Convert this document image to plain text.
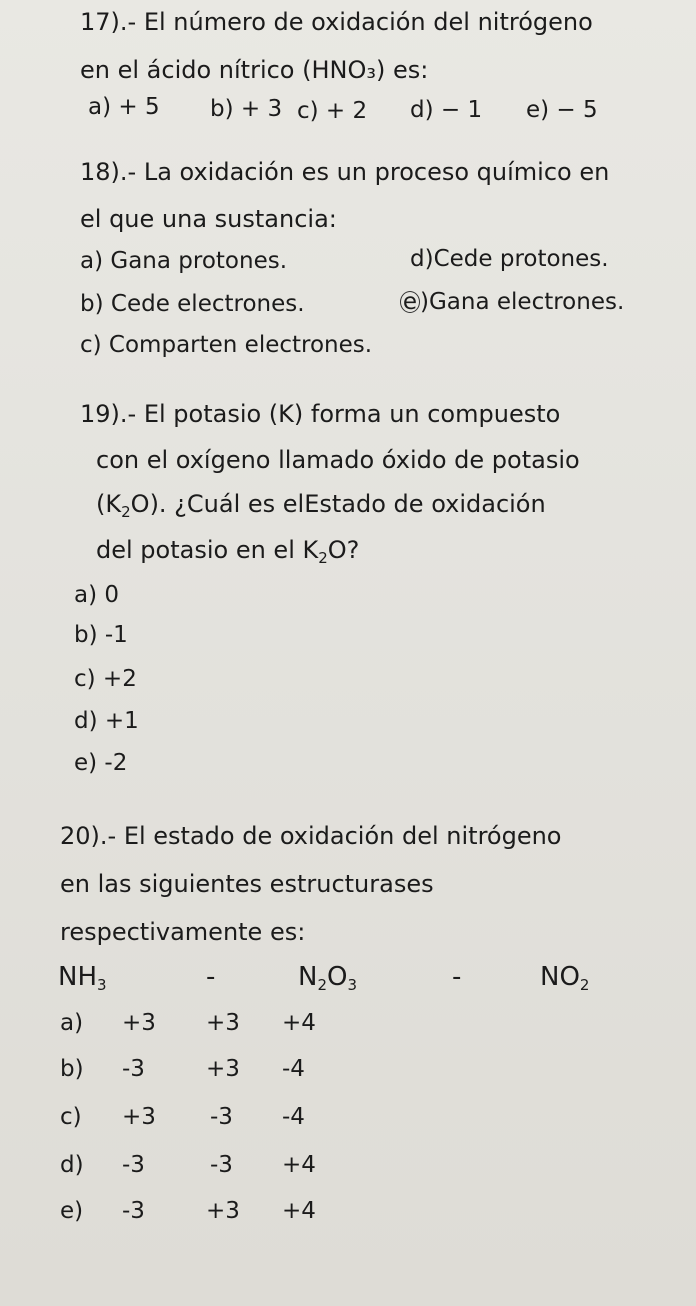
17).- El número de oxidación del nitrógeno
en el ácido nítrico (HNO₃) es:
a) + 5 b) + 3 c) + 2 d) − 1 e) − 5
18).- La oxidación es un proceso químico en
el que una sustancia:
a) Gana protones.	d)Cede protones.
b) Cede electrones.	e )Gana electrones.
c) Comparten electrones.
19).- El potasio (K) forma un compuesto
con el oxígeno llamado óxido de potasio
$(K_2O)$. ¿Cuál es elEstado de oxidación
del potasio en el $K_2O$?
a) 0
b) -1
c) +2
d) +1
e) -2
20).- El estado de oxidación del nitrógeno
en las siguientes estructurases
respectivamente es:
$NH_3$	-	$N_2O_3$	-	$NO_2$
a) +3 +3 +4
b) -3	+3 -4
c) +3 -3 -4
d) -3	-3 +4
e) -3	+3 +4
